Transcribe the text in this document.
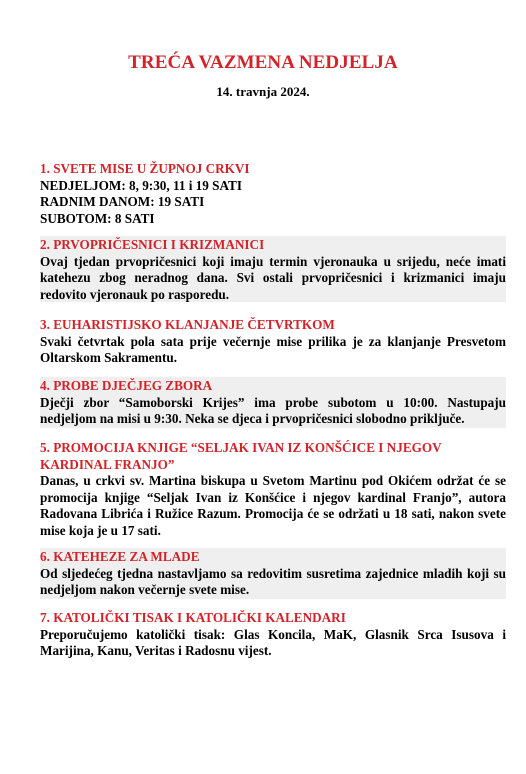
TREĆA VAZMENA NEDJELJA
14. travnja 2024.
1. SVETE MISE U ŽUPNOJ CRKVI
NEDJELJOM: 8, 9:30, 11 i 19 SATI
RADNIM DANOM: 19 SATI
SUBOTOM: 8 SATI
2. PRVOPRIČESNICI I KRIZMANICI
Ovaj tjedan prvopričesnici koji imaju termin vjeronauka u srijedu, neće imati katehezu zbog neradnog dana. Svi ostali prvopričesnici i krizmanici imaju redovito vjeronauk po rasporedu.
3. EUHARISTIJSKO KLANJANJE ČETVRTKOM
Svaki četvrtak pola sata prije večernje mise prilika je za klanjanje Presvetom Oltarskom Sakramentu.
4. PROBE DJEČJEG ZBORA
Dječji zbor “Samoborski Krijes” ima probe subotom u 10:00. Nastupaju nedjeljom na misi u 9:30. Neka se djeca i prvopričesnici slobodno priključe.
5. PROMOCIJA KNJIGE “SELJAK IVAN IZ KONŠĆICE I NJEGOV KARDINAL FRANJO”
Danas, u crkvi sv. Martina biskupa u Svetom Martinu pod Okićem održat će se promocija knjige “Seljak Ivan iz Konšćice i njegov kardinal Franjo”, autora Radovana Librića i Ružice Razum. Promocija će se održati u 18 sati, nakon svete mise koja je u 17 sati.
6. KATEHEZE ZA MLADE
Od sljedećeg tjedna nastavljamo sa redovitim susretima zajednice mladih koji su nedjeljom nakon večernje svete mise.
7. KATOLIČKI TISAK I KATOLIČKI KALENDARI
Preporučujemo katolički tisak: Glas Koncila, MaK, Glasnik Srca Isusova i Marijina, Kanu, Veritas i Radosnu vijest.
